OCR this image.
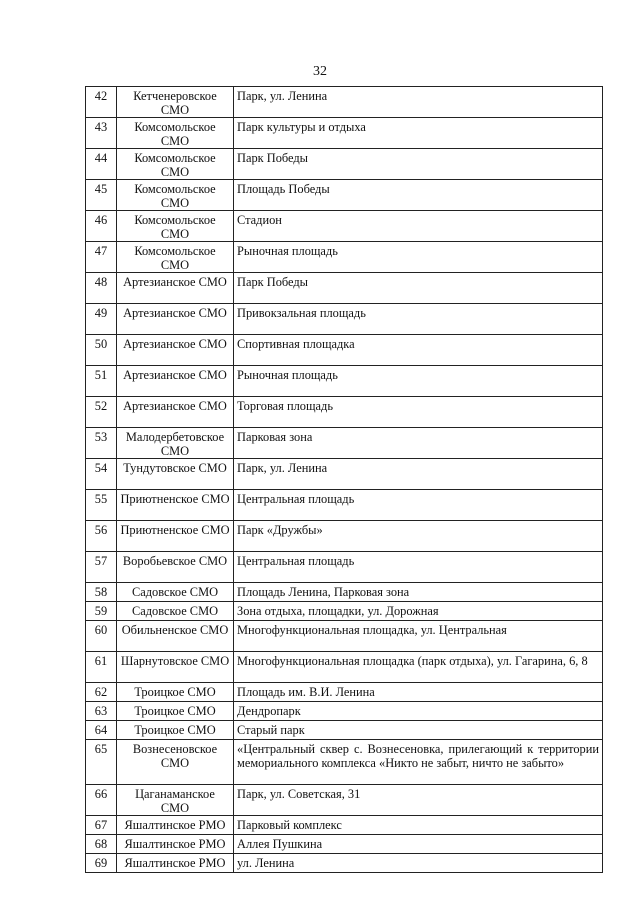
32
42	Кетченеровское СМО	Парк, ул. Ленина
43	Комсомольское СМО	Парк культуры и отдыха
44	Комсомольское СМО	Парк Победы
45	Комсомольское СМО	Площадь Победы
46	Комсомольское СМО	Стадион
47	Комсомольское СМО	Рыночная площадь
48	Артезианское СМО	Парк Победы
49	Артезианское СМО	Привокзальная площадь
50	Артезианское СМО	Спортивная площадка
51	Артезианское СМО	Рыночная площадь
52	Артезианское СМО	Торговая площадь
53	Малодербетовское СМО	Парковая зона
54	Тундутовское СМО	Парк, ул. Ленина
55	Приютненское СМО	Центральная площадь
56	Приютненское СМО	Парк «Дружбы»
57	Воробьевское СМО	Центральная площадь
58	Садовское СМО	Площадь Ленина, Парковая зона
59	Садовское СМО	Зона отдыха, площадки, ул. Дорожная
60	Обильненское СМО	Многофункциональная площадка, ул. Центральная
61	Шарнутовское СМО	Многофункциональная площадка (парк отдыха), ул. Гагарина, 6, 8
62	Троицкое СМО	Площадь им. В.И. Ленина
63	Троицкое СМО	Дендропарк
64	Троицкое СМО	Старый парк
65	Вознесеновское СМО	«Центральный сквер с. Вознесеновка, прилегающий к территории мемориального комплекса «Никто не забыт, ничто не забыто»
66	Цаганаманское СМО	Парк, ул. Советская, 31
67	Яшалтинское РМО	Парковый комплекс
68	Яшалтинское РМО	Аллея Пушкина
69	Яшалтинское РМО	ул. Ленина
